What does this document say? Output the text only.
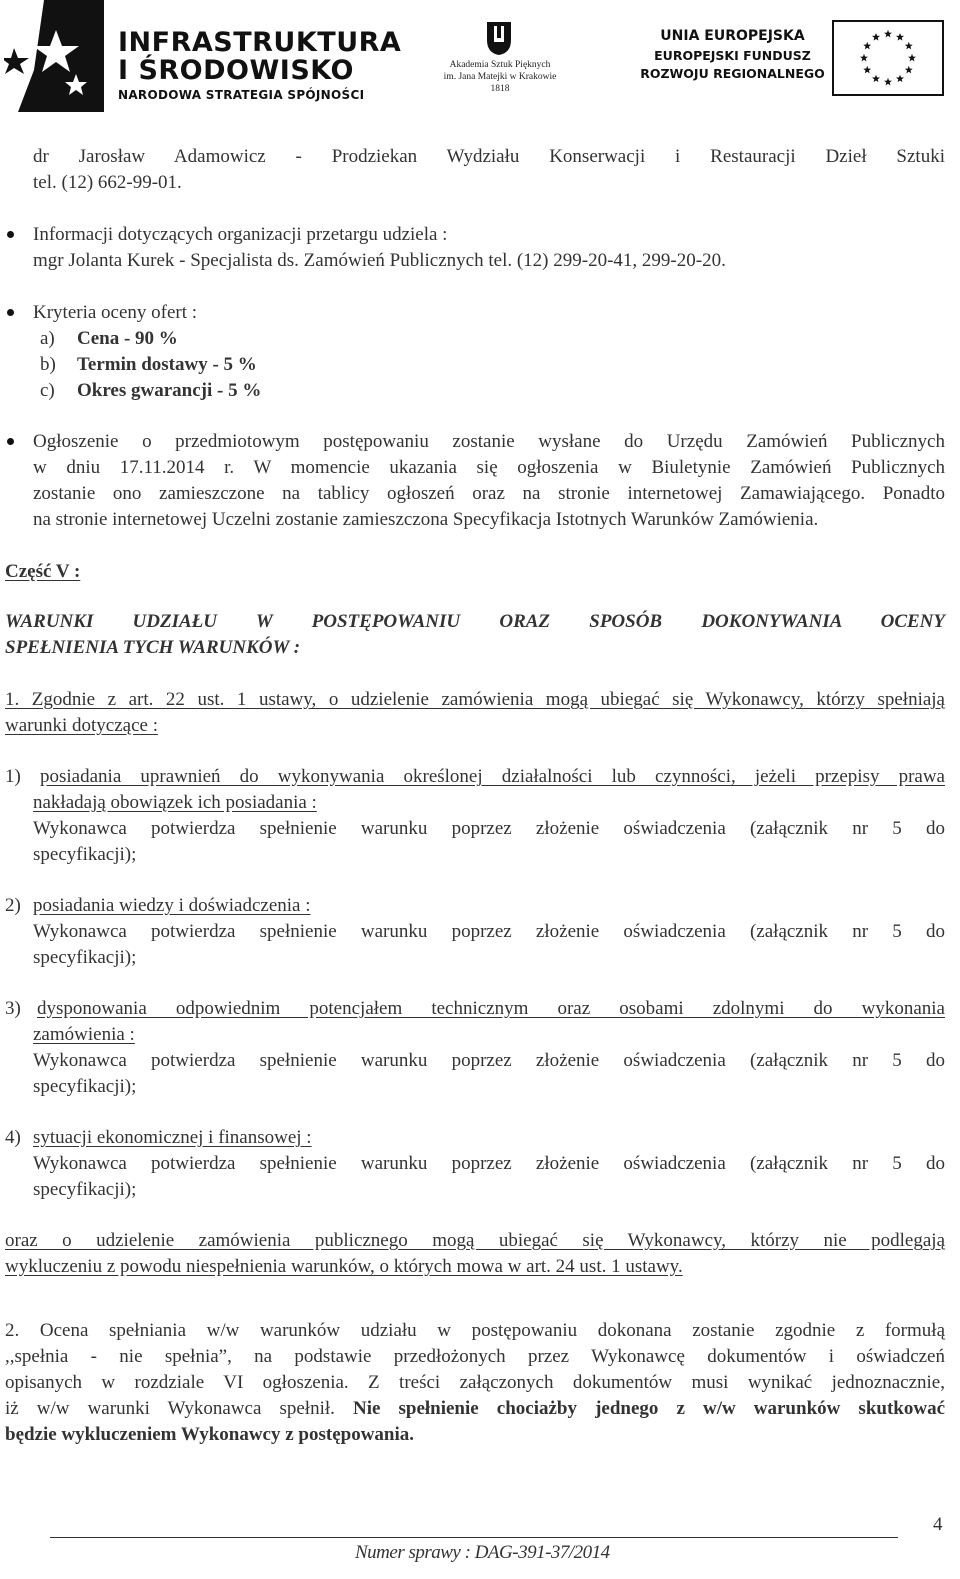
INFRASTRUKTURA
I ŚRODOWISKO
NARODOWA STRATEGIA SPÓJNOŚCI
Akademia Sztuk Pięknych
im. Jana Matejki w Krakowie
1818
UNIA EUROPEJSKA
EUROPEJSKI FUNDUSZ
ROZWOJU REGIONALNEGO
dr Jarosław Adamowicz - Prodziekan Wydziału Konserwacji i Restauracji Dzieł Sztuki
tel. (12) 662-99-01.
Informacji dotyczących organizacji przetargu udziela :
mgr Jolanta Kurek - Specjalista ds. Zamówień Publicznych tel. (12) 299-20-41, 299-20-20.
Kryteria oceny ofert :
a) Cena - 90 %
b) Termin dostawy - 5 %
c) Okres gwarancji - 5 %
Ogłoszenie o przedmiotowym postępowaniu zostanie wysłane do Urzędu Zamówień Publicznych
w dniu 17.11.2014 r. W momencie ukazania się ogłoszenia w Biuletynie Zamówień Publicznych
zostanie ono zamieszczone na tablicy ogłoszeń oraz na stronie internetowej Zamawiającego. Ponadto
na stronie internetowej Uczelni zostanie zamieszczona Specyfikacja Istotnych Warunków Zamówienia.
Część V :
WARUNKI UDZIAŁU W POSTĘPOWANIU ORAZ SPOSÓB DOKONYWANIA OCENY
SPEŁNIENIA TYCH WARUNKÓW :
1. Zgodnie z art. 22 ust. 1 ustawy, o udzielenie zamówienia mogą ubiegać się Wykonawcy, którzy spełniają
warunki dotyczące :
1) posiadania uprawnień do wykonywania określonej działalności lub czynności, jeżeli przepisy prawa
nakładają obowiązek ich posiadania :
Wykonawca potwierdza spełnienie warunku poprzez złożenie oświadczenia (załącznik nr 5 do
specyfikacji);
2) posiadania wiedzy i doświadczenia :
Wykonawca potwierdza spełnienie warunku poprzez złożenie oświadczenia (załącznik nr 5 do
specyfikacji);
3) dysponowania odpowiednim potencjałem technicznym oraz osobami zdolnymi do wykonania
zamówienia :
Wykonawca potwierdza spełnienie warunku poprzez złożenie oświadczenia (załącznik nr 5 do
specyfikacji);
4) sytuacji ekonomicznej i finansowej :
Wykonawca potwierdza spełnienie warunku poprzez złożenie oświadczenia (załącznik nr 5 do
specyfikacji);
oraz o udzielenie zamówienia publicznego mogą ubiegać się Wykonawcy, którzy nie podlegają
wykluczeniu z powodu niespełnienia warunków, o których mowa w art. 24 ust. 1 ustawy.
2. Ocena spełniania w/w warunków udziału w postępowaniu dokonana zostanie zgodnie z formułą
,,spełnia - nie spełnia”, na podstawie przedłożonych przez Wykonawcę dokumentów i oświadczeń
opisanych w rozdziale VI ogłoszenia. Z treści załączonych dokumentów musi wynikać jednoznacznie,
iż w/w warunki Wykonawca spełnił. Nie spełnienie chociażby jednego z w/w warunków skutkować
będzie wykluczeniem Wykonawcy z postępowania.
4
Numer sprawy : DAG-391-37/2014
